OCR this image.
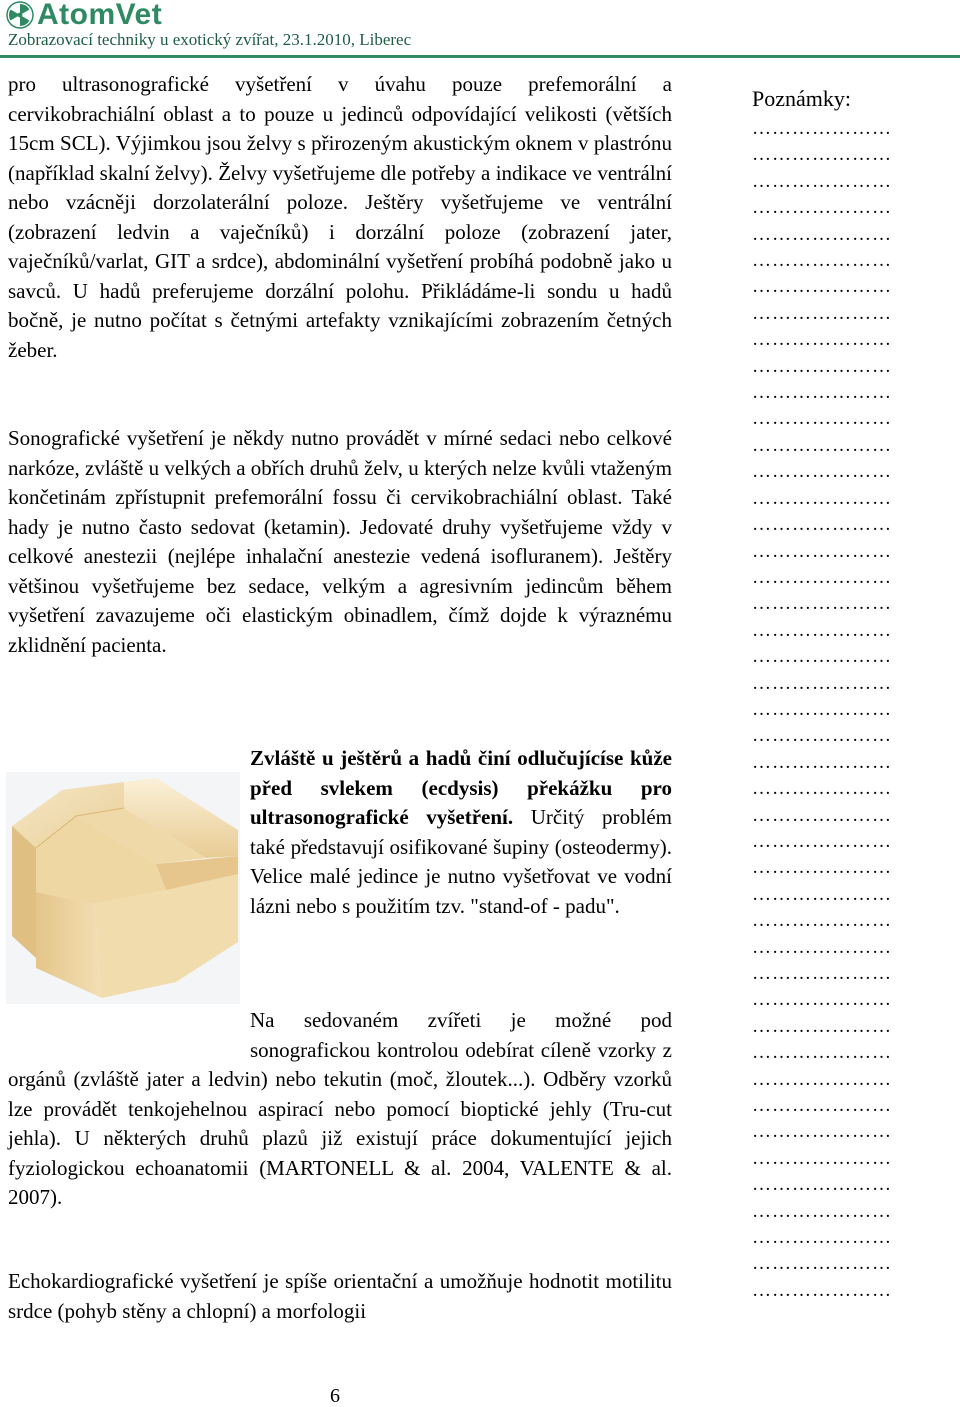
AtomVet
Zobrazovací techniky u exotický zvířat, 23.1.2010, Liberec

pro ultrasonografické vyšetření v úvahu pouze prefemorální a cervikobrachiální oblast a to pouze u jedinců odpovídající velikosti (větších 15cm SCL). Výjimkou jsou želvy s přirozeným akustickým oknem v plastrónu (například skalní želvy). Želvy vyšetřujeme dle potřeby a indikace ve ventrální nebo vzácněji dorzolaterální poloze. Ještěry vyšetřujeme ve ventrální (zobrazení ledvin a vaječníků) i dorzální poloze (zobrazení jater, vaječníků/varlat, GIT a srdce), abdominální vyšetření probíhá podobně jako u savců. U hadů preferujeme dorzální polohu. Přikládáme-li sondu u hadů bočně, je nutno počítat s četnými artefakty vznikajícími zobrazením četných žeber.

Sonografické vyšetření je někdy nutno provádět v mírné sedaci nebo celkové narkóze, zvláště u velkých a obřích druhů želv, u kterých nelze kvůli vtaženým končetinám zpřístupnit prefemorální fossu či cervikobrachiální oblast. Také hady je nutno často sedovat (ketamin). Jedovaté druhy vyšetřujeme vždy v celkové anestezii (nejlépe inhalační anestezie vedená isofluranem). Ještěry většinou vyšetřujeme bez sedace, velkým a agresivním jedincům během vyšetření zavazujeme oči elastickým obinadlem, čímž dojde k výraznému zklidnění pacienta.

Zvláště u ještěrů a hadů činí odlučujícíse kůže před svlekem (ecdysis) překážku pro ultrasonografické vyšetření. Určitý problém také představují osifikované šupiny (osteodermy). Velice malé jedince je nutno vyšetřovat ve vodní lázni nebo s použitím tzv. "stand-of - padu".

Na sedovaném zvířeti je možné pod sonografickou kontrolou odebírat cíleně vzorky z orgánů (zvláště jater a ledvin) nebo tekutin (moč, žloutek...). Odběry vzorků lze provádět tenkojehelnou aspirací nebo pomocí bioptické jehly (Tru-cut jehla). U některých druhů plazů již existují práce dokumentující jejich fyziologickou echoanatomii (MARTONELL & al. 2004, VALENTE & al. 2007).

Echokardiografické vyšetření je spíše orientační a umožňuje hodnotit motilitu srdce (pohyb stěny a chlopní) a morfologii

Poznámky:

…………………
…………………
…………………
…………………
…………………
…………………
…………………
…………………
…………………
…………………
…………………
…………………
…………………
…………………
…………………
…………………
…………………
…………………
…………………
…………………
…………………
…………………
…………………
…………………
…………………
…………………
…………………
…………………
…………………
…………………
…………………
…………………
…………………
…………………
…………………
…………………
…………………
…………………
…………………
…………………
…………………
…………………
…………………
…………………
…………………
6
